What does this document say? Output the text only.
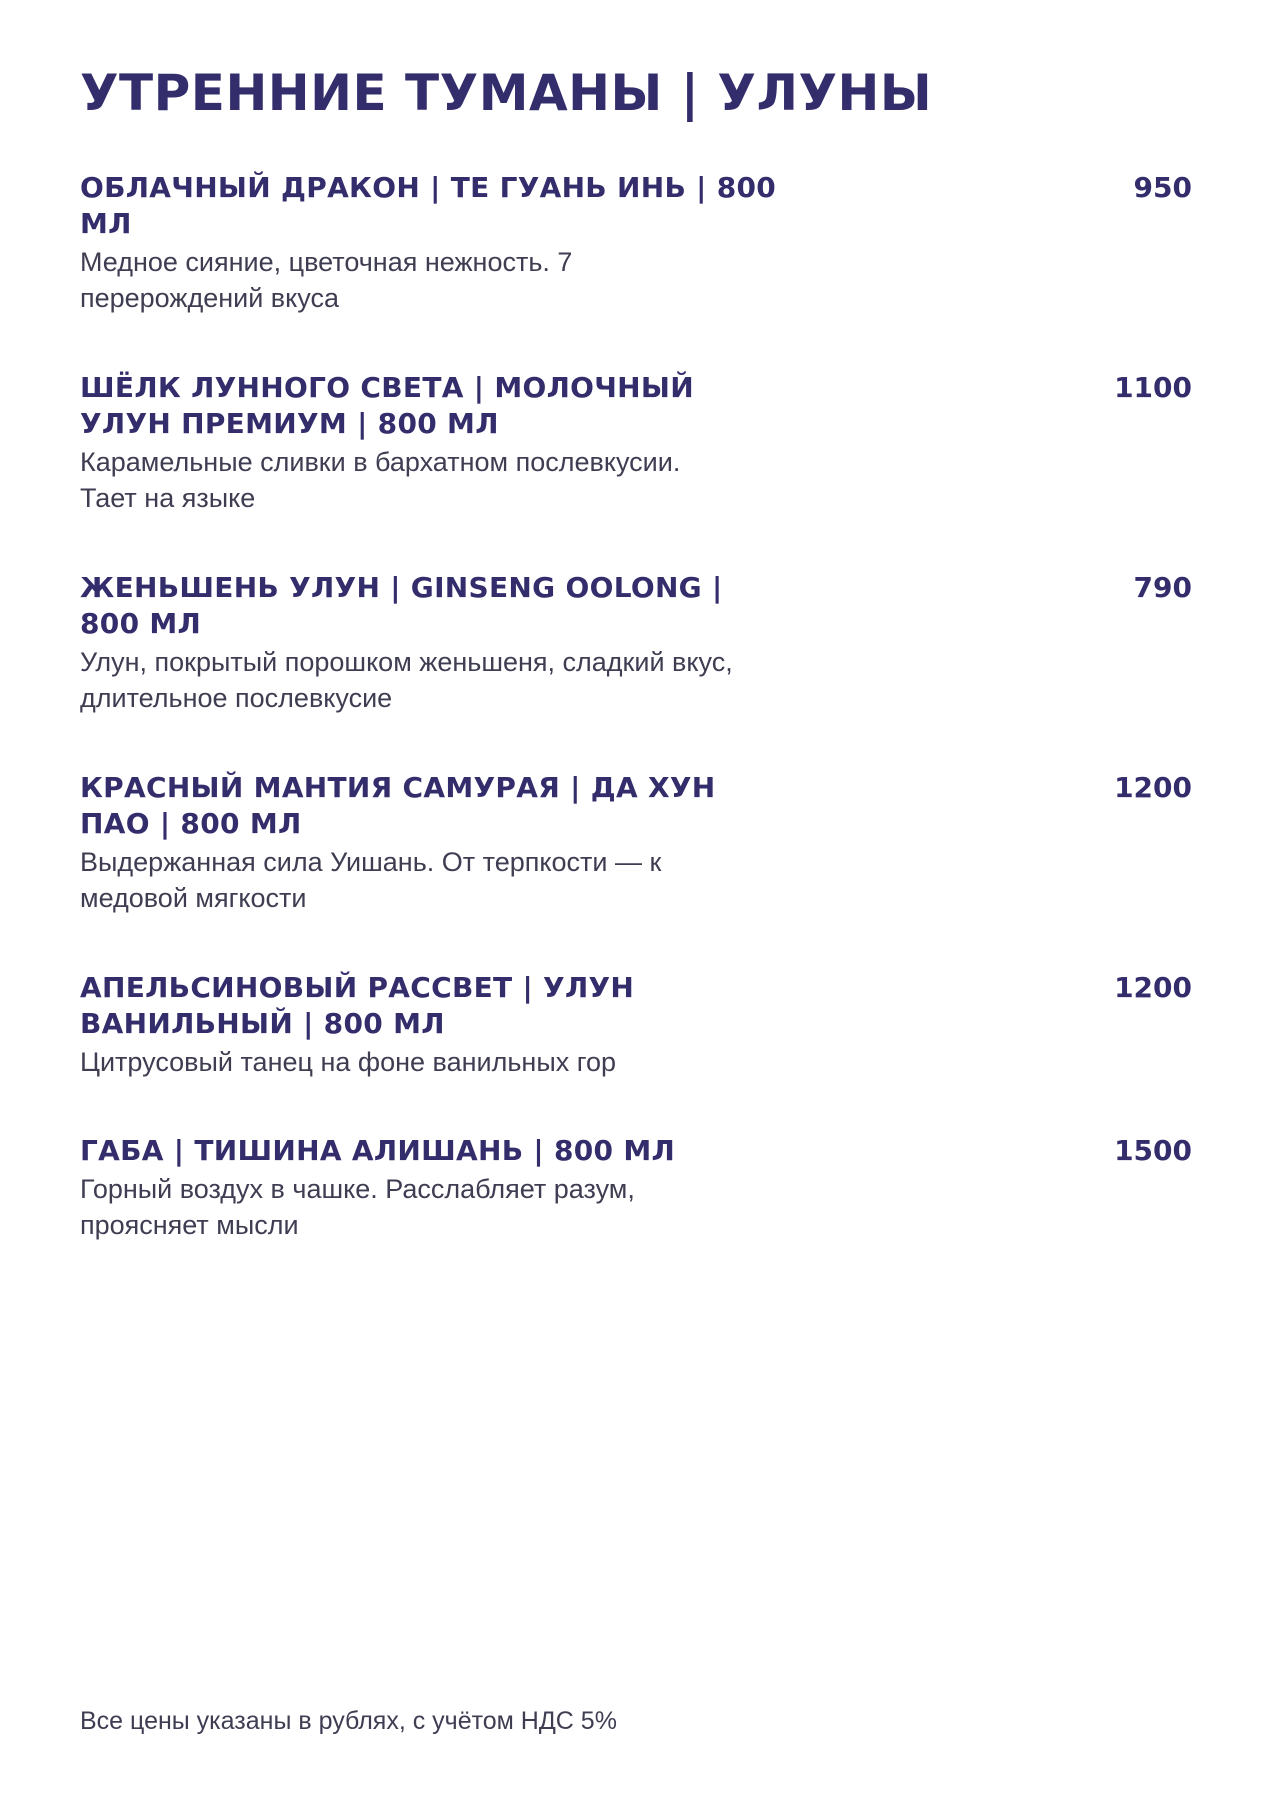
УТРЕННИЕ ТУМАНЫ | УЛУНЫ
ОБЛАЧНЫЙ ДРАКОН | ТЕ ГУАНЬ ИНЬ | 800 МЛ
950

Медное сияние, цветочная нежность. 7 перерождений вкуса

ШЁЛК ЛУННОГО СВЕТА | МОЛОЧНЫЙ УЛУН ПРЕМИУМ | 800 МЛ
1100

Карамельные сливки в бархатном послевкусии. Тает на языке

ЖЕНЬШЕНЬ УЛУН | GINSENG OOLONG | 800 МЛ
790

Улун, покрытый порошком женьшеня, сладкий вкус, длительное послевкусие

КРАСНЫЙ МАНТИЯ САМУРАЯ | ДА ХУН ПАО | 800 МЛ
1200

Выдержанная сила Уишань. От терпкости — к медовой мягкости

АПЕЛЬСИНОВЫЙ РАССВЕТ | УЛУН ВАНИЛЬНЫЙ | 800 МЛ
1200

Цитрусовый танец на фоне ванильных гор

ГАБА | ТИШИНА АЛИШАНЬ | 800 МЛ	1500

Горный воздух в чашке. Расслабляет разум, проясняет мысли

Все цены указаны в рублях, с учётом НДС 5%
